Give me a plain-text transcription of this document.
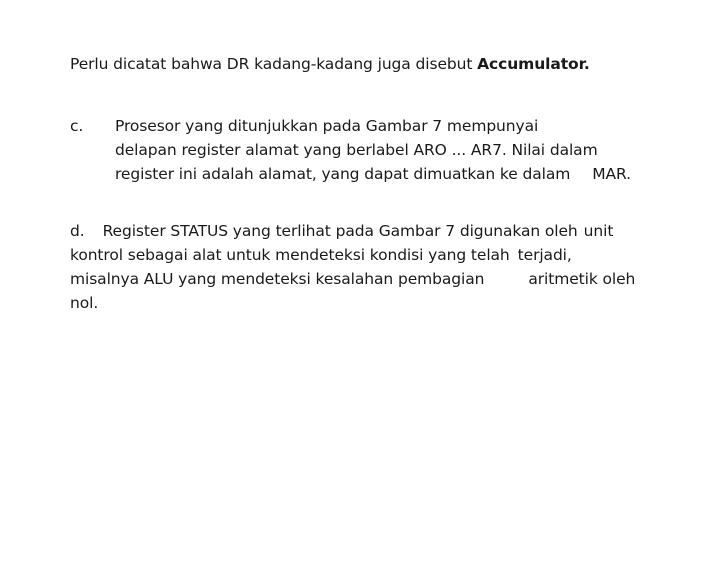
Perlu dicatat bahwa DR kadang-kadang juga disebut Accumulator.
c. Prosesor yang ditunjukkan pada Gambar 7 mempunyai
delapan register alamat yang berlabel ARO ... AR7. Nilai dalam
register ini adalah alamat, yang dapat dimuatkan ke dalam MAR.
d. Register STATUS yang terlihat pada Gambar 7 digunakan oleh unit
kontrol sebagai alat untuk mendeteksi kondisi yang telah terjadi,
misalnya ALU yang mendeteksi kesalahan pembagian	aritmetik oleh
nol.
